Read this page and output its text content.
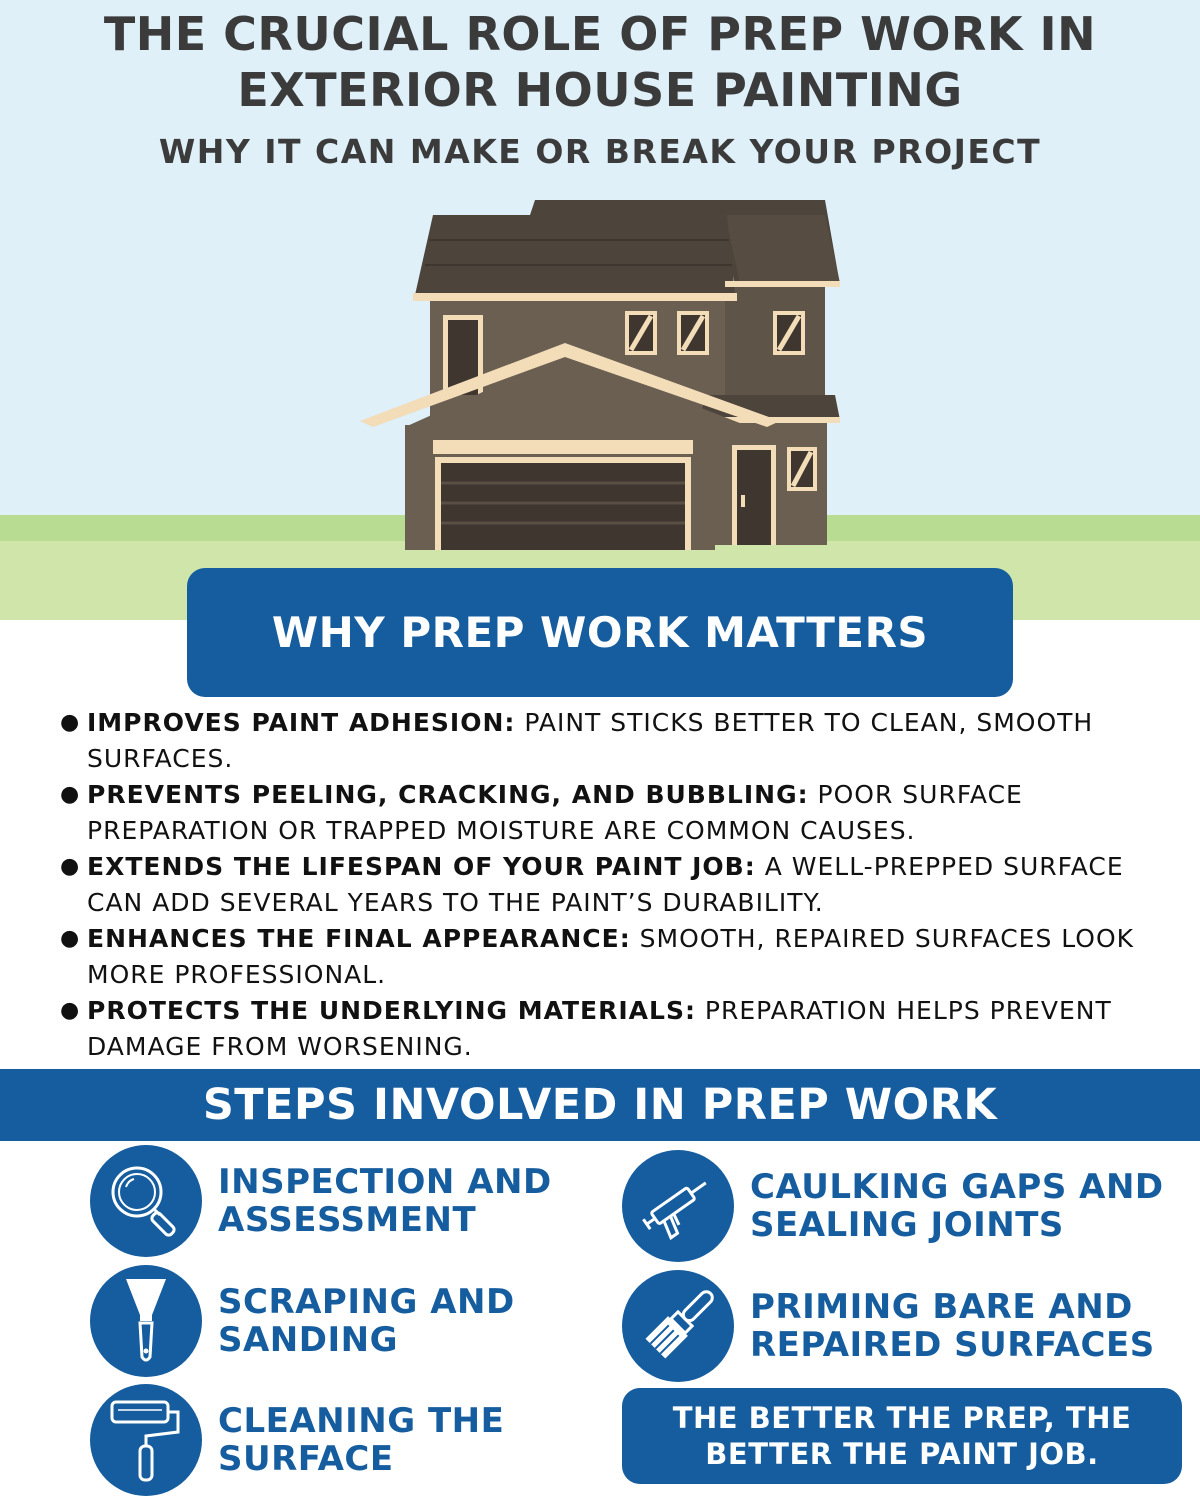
THE CRUCIAL ROLE OF PREP WORK IN EXTERIOR HOUSE PAINTING
WHY IT CAN MAKE OR BREAK YOUR PROJECT
WHY PREP WORK MATTERS
● IMPROVES PAINT ADHESION: PAINT STICKS BETTER TO CLEAN, SMOOTH SURFACES.
● PREVENTS PEELING, CRACKING, AND BUBBLING: POOR SURFACE PREPARATION OR TRAPPED MOISTURE ARE COMMON CAUSES.
● EXTENDS THE LIFESPAN OF YOUR PAINT JOB: A WELL-PREPPED SURFACE CAN ADD SEVERAL YEARS TO THE PAINT’S DURABILITY.
● ENHANCES THE FINAL APPEARANCE: SMOOTH, REPAIRED SURFACES LOOK MORE PROFESSIONAL.
● PROTECTS THE UNDERLYING MATERIALS: PREPARATION HELPS PREVENT DAMAGE FROM WORSENING.
STEPS INVOLVED IN PREP WORK
INSPECTION AND
ASSESSMENT
CAULKING GAPS AND
SEALING JOINTS
SCRAPING AND
SANDING
PRIMING BARE AND
REPAIRED SURFACES
CLEANING THE
SURFACE
THE BETTER THE PREP, THE BETTER THE PAINT JOB.
